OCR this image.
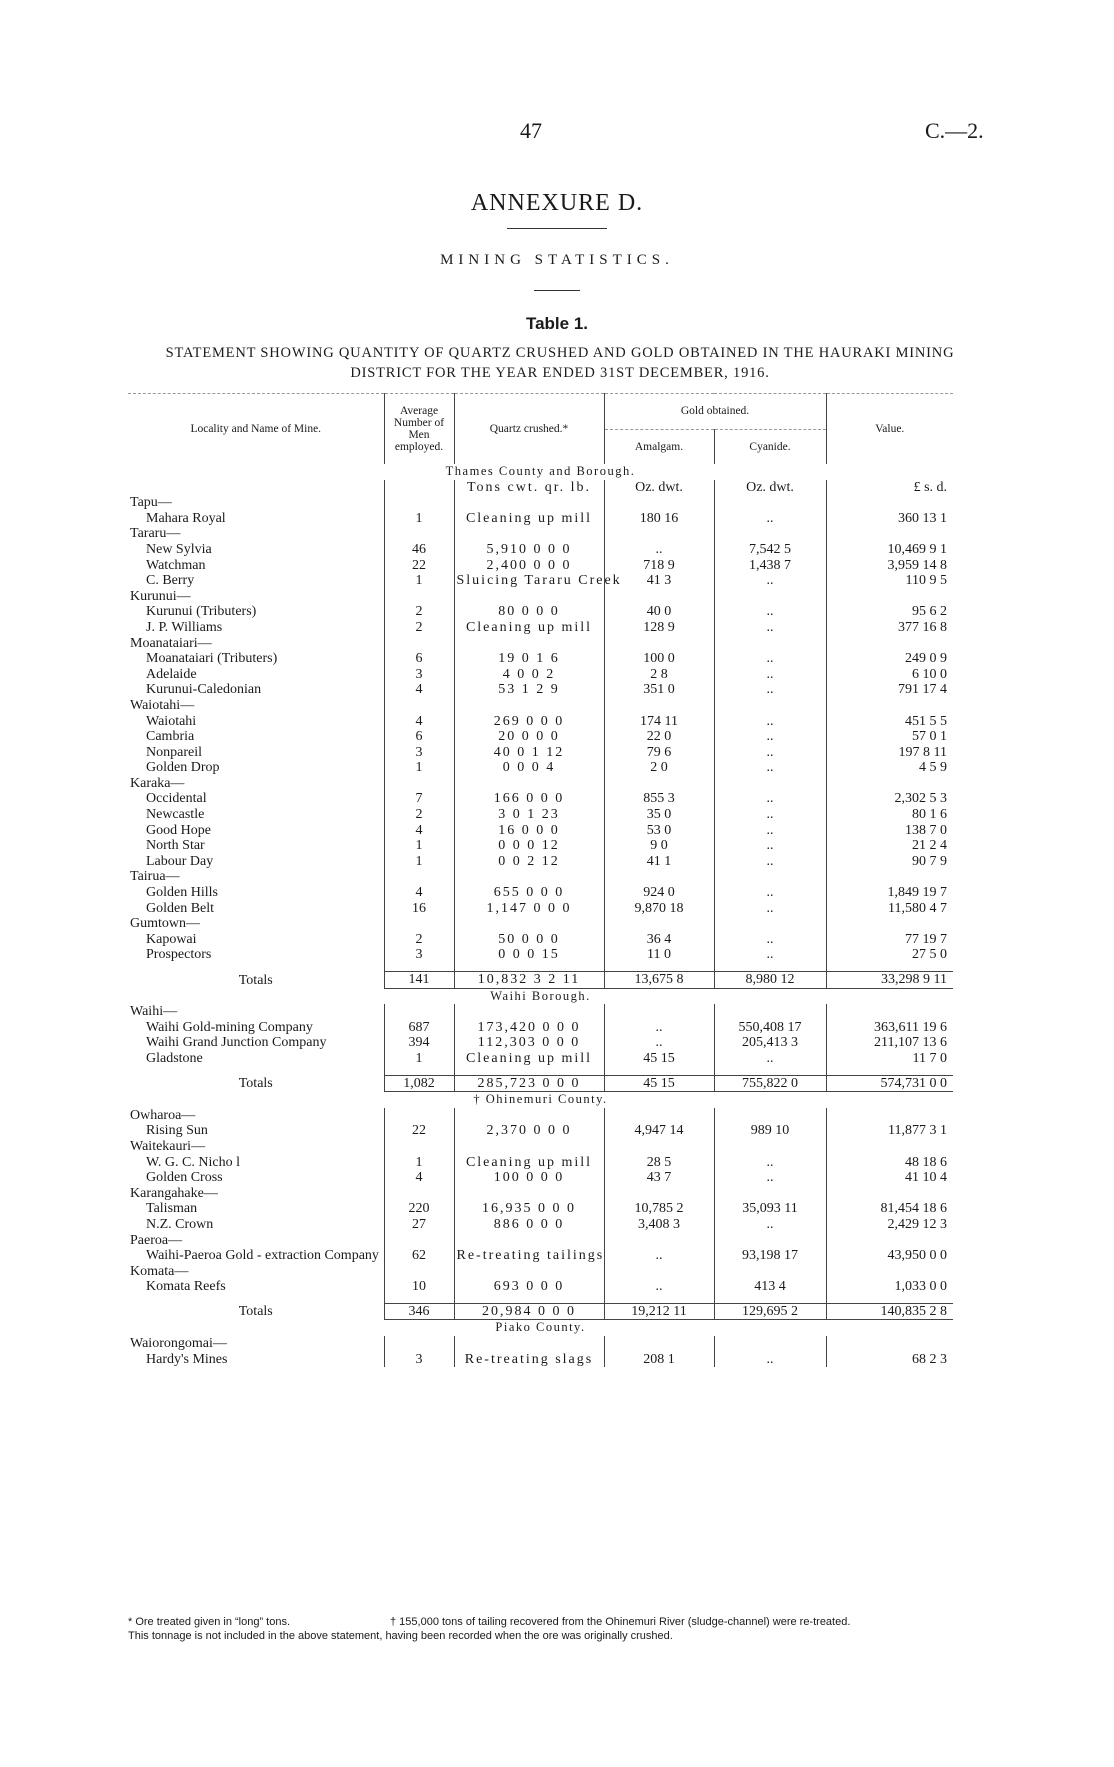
47	C.—2.
ANNEXURE D.
MINING STATISTICS.
Table 1.
STATEMENT SHOWING QUANTITY OF QUARTZ CRUSHED AND GOLD OBTAINED IN THE HAURAKI MINING
DISTRICT FOR THE YEAR ENDED 31ST DECEMBER, 1916.
Locality and Name of Mine.	Average Number of Men employed.	Quartz crushed.*	Gold obtained.		Value.
			Amalgam.	Cyanide.	
Thames County and Borough.					
		Tons cwt. qr. lb.	Oz. dwt.	Oz. dwt.	£ s. d.
Tapu—					
Mahara Royal	1	Cleaning up mill	180 16	..	360 13 1
Tararu—					
New Sylvia	46	5,910 0 0 0	..	7,542 5	10,469 9 1
Watchman	22	2,400 0 0 0	718 9	1,438 7	3,959 14 8
C. Berry	1	Sluicing Tararu Creek	41 3	..	110 9 5
Kurunui—					
Kurunui (Tributers)	2	80 0 0 0	40 0	..	95 6 2
J. P. Williams	2	Cleaning up mill	128 9	..	377 16 8
Moanataiari—					
Moanataiari (Tributers)	6	19 0 1 6	100 0	..	249 0 9
Adelaide	3	4 0 0 2	2 8	..	6 10 0
Kurunui-Caledonian	4	53 1 2 9	351 0	..	791 17 4
Waiotahi—					
Waiotahi	4	269 0 0 0	174 11	..	451 5 5
Cambria	6	20 0 0 0	22 0	..	57 0 1
Nonpareil	3	40 0 1 12	79 6	..	197 8 11
Golden Drop	1	0 0 0 4	2 0	..	4 5 9
Karaka—					
Occidental	7	166 0 0 0	855 3	..	2,302 5 3
Newcastle	2	3 0 1 23	35 0	..	80 1 6
Good Hope	4	16 0 0 0	53 0	..	138 7 0
North Star	1	0 0 0 12	9 0	..	21 2 4
Labour Day	1	0 0 2 12	41 1	..	90 7 9
Tairua—					
Golden Hills	4	655 0 0 0	924 0	..	1,849 19 7
Golden Belt	16	1,147 0 0 0	9,870 18	..	11,580 4 7
Gumtown—					
Kapowai	2	50 0 0 0	36 4	..	77 19 7
Prospectors	3	0 0 0 15	11 0	..	27 5 0

Totals	141	10,832 3 2 11	13,675 8	8,980 12	33,298 9 11
Waihi Borough.					
Waihi—					
Waihi Gold-mining Company	687	173,420 0 0 0	..	550,408 17	363,611 19 6
Waihi Grand Junction Company	394	112,303 0 0 0	..	205,413 3	211,107 13 6
Gladstone	1	Cleaning up mill	45 15	..	11 7 0

Totals	1,082	285,723 0 0 0	45 15	755,822 0	574,731 0 0
† Ohinemuri County.					
Owharoa—					
Rising Sun	22	2,370 0 0 0	4,947 14	989 10	11,877 3 1
Waitekauri—					
W. G. C. Nicho l	1	Cleaning up mill	28 5	..	48 18 6
Golden Cross	4	100 0 0 0	43 7	..	41 10 4
Karangahake—					
Talisman	220	16,935 0 0 0	10,785 2	35,093 11	81,454 18 6
N.Z. Crown	27	886 0 0 0	3,408 3	..	2,429 12 3
Paeroa—					
Waihi-Paeroa Gold - extraction Company	62	Re-treating tailings	..	93,198 17	43,950 0 0
Komata—					
Komata Reefs	10	693 0 0 0	..	413 4	1,033 0 0

Totals	346	20,984 0 0 0	19,212 11	129,695 2	140,835 2 8
Piako County.					
Waiorongomai—					
Hardy's Mines	3	Re-treating slags	208 1	..	68 2 3
* Ore treated given in “long” tons.	† 155,000 tons of tailing recovered from the Ohinemuri River (sludge-channel) were re-treated.
This tonnage is not included in the above statement, having been recorded when the ore was originally crushed.
